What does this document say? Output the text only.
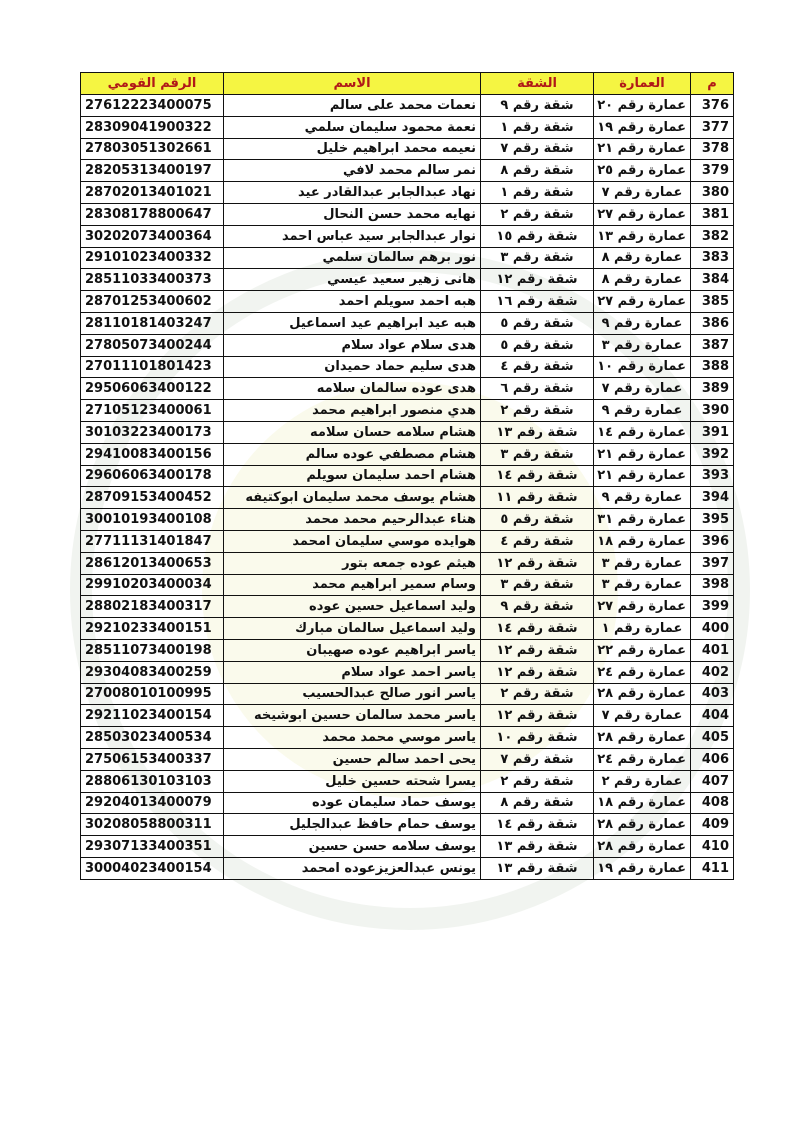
م	العمارة	الشقة	الاسم	الرقم القومي
376	عمارة رقم ٢٠	شقة رقم ٩	نعمات محمد على سالم	27612223400075
377	عمارة رقم ١٩	شقة رقم ١	نعمة محمود سليمان سلمي	28309041900322
378	عمارة رقم ٢١	شقة رقم ٧	نعيمه محمد ابراهيم خليل	27803051302661
379	عمارة رقم ٢٥	شقة رقم ٨	نمر سالم محمد لافي	28205313400197
380	عمارة رقم ٧	شقة رقم ١	نهاد عبدالجابر عبدالقادر عيد	28702013401021
381	عمارة رقم ٢٧	شقة رقم ٢	نهايه محمد حسن النحال	28308178800647
382	عمارة رقم ١٣	شقة رقم ١٥	نوار عبدالجابر سيد عباس احمد	30202073400364
383	عمارة رقم ٨	شقة رقم ٣	نور برهم سالمان سلمي	29101023400332
384	عمارة رقم ٨	شقة رقم ١٢	هانى زهير سعيد عيسي	28511033400373
385	عمارة رقم ٢٧	شقة رقم ١٦	هبه احمد سويلم احمد	28701253400602
386	عمارة رقم ٩	شقة رقم ٥	هبه عيد ابراهيم عيد اسماعيل	28110181403247
387	عمارة رقم ٣	شقة رقم ٥	هدى سلام عواد سلام	27805073400244
388	عمارة رقم ١٠	شقة رقم ٤	هدى سليم حماد حميدان	27011101801423
389	عمارة رقم ٧	شقة رقم ٦	هدى عوده سالمان سلامه	29506063400122
390	عمارة رقم ٩	شقة رقم ٢	هدي منصور ابراهيم محمد	27105123400061
391	عمارة رقم ١٤	شقة رقم ١٣	هشام سلامه حسان سلامه	30103223400173
392	عمارة رقم ٢١	شقة رقم ٣	هشام مصطفي عوده سالم	29410083400156
393	عمارة رقم ٢١	شقة رقم ١٤	هشام احمد سليمان سويلم	29606063400178
394	عمارة رقم ٩	شقة رقم ١١	هشام يوسف محمد سليمان ابوكتيفه	28709153400452
395	عمارة رقم ٣١	شقة رقم ٥	هناء عبدالرحيم محمد محمد	30010193400108
396	عمارة رقم ١٨	شقة رقم ٤	هوايده موسي سليمان امحمد	27711131401847
397	عمارة رقم ٣	شقة رقم ١٢	هيثم عوده جمعه بتور	28612013400653
398	عمارة رقم ٣	شقة رقم ٣	وسام سمير ابراهيم محمد	29910203400034
399	عمارة رقم ٢٧	شقة رقم ٩	وليد اسماعيل حسين عوده	28802183400317
400	عمارة رقم ١	شقة رقم ١٤	وليد اسماعيل سالمان مبارك	29210233400151
401	عمارة رقم ٢٢	شقة رقم ١٢	ياسر ابراهيم عوده صهيبان	28511073400198
402	عمارة رقم ٢٤	شقة رقم ١٢	ياسر احمد عواد سلام	29304083400259
403	عمارة رقم ٢٨	شقة رقم ٢	ياسر انور صالح عبدالحسيب	27008010100995
404	عمارة رقم ٧	شقة رقم ١٢	ياسر محمد سالمان حسين ابوشيخه	29211023400154
405	عمارة رقم ٢٨	شقة رقم ١٠	ياسر موسي محمد محمد	28503023400534
406	عمارة رقم ٢٤	شقة رقم ٧	يحى احمد سالم حسين	27506153400337
407	عمارة رقم ٢	شقة رقم ٢	يسرا شحته حسين خليل	28806130103103
408	عمارة رقم ١٨	شقة رقم ٨	يوسف حماد سليمان عوده	29204013400079
409	عمارة رقم ٢٨	شقة رقم ١٤	يوسف حمام حافظ عبدالجليل	30208058800311
410	عمارة رقم ٢٨	شقة رقم ١٣	يوسف سلامه حسن حسين	29307133400351
411	عمارة رقم ١٩	شقة رقم ١٣	يونس عبدالعزيزعوده امحمد	30004023400154
